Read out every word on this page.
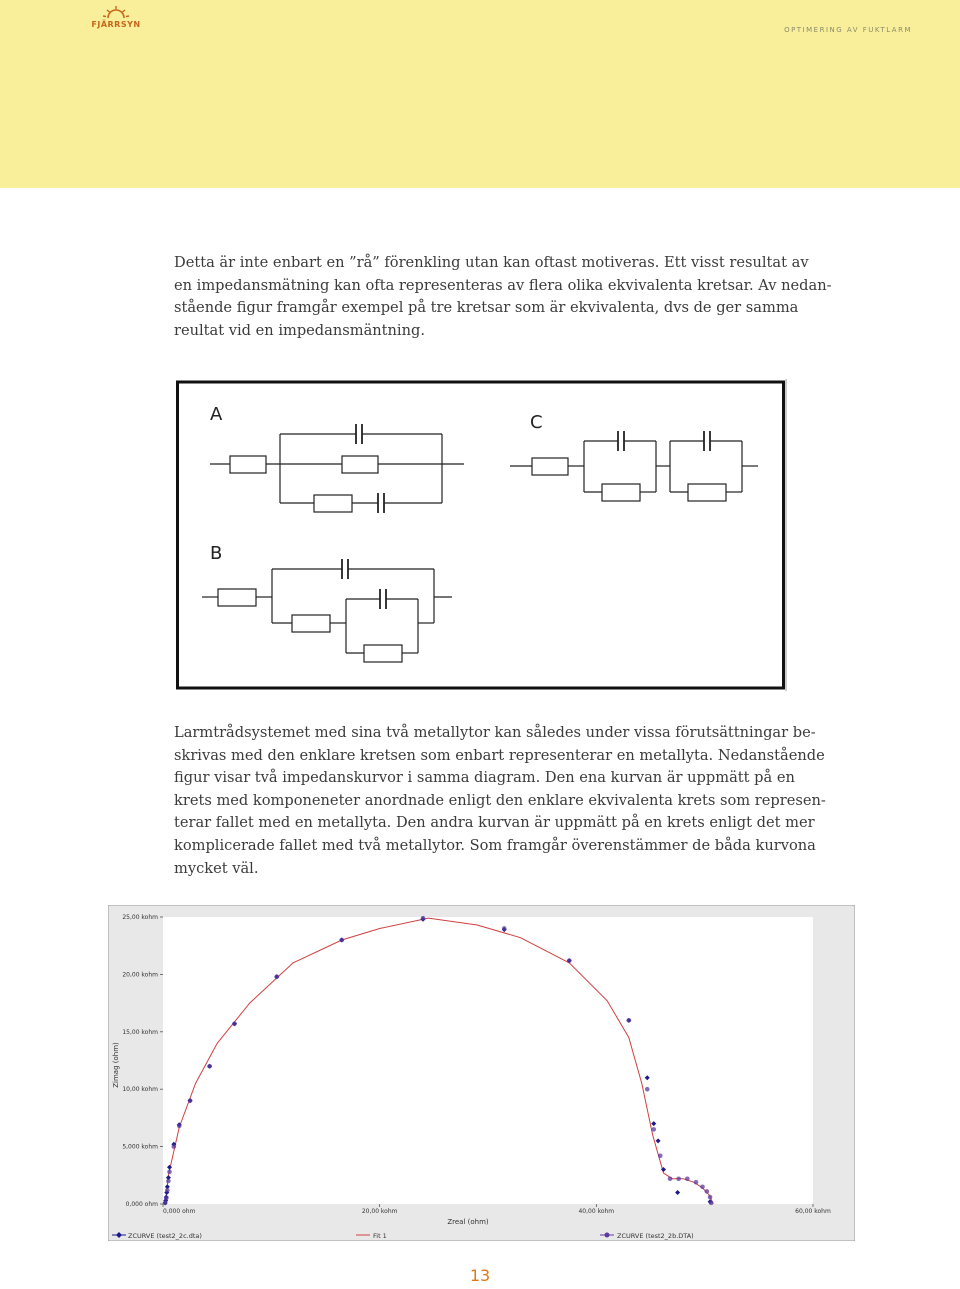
FJÄRRSYN
OPTIMERING AV FUKTLARM

Detta är inte enbart en ”rå” förenkling utan kan oftast motiveras. Ett visst resultat av
en impedansmätning kan ofta representeras av flera olika ekvivalenta kretsar. Av nedan-
stående figur framgår exempel på tre kretsar som är ekvivalenta, dvs de ger samma
reultat vid en impedansmäntning.

A	C
B

Larmtrådsystemet med sina två metallytor kan således under vissa förutsättningar be-
skrivas med den enklare kretsen som enbart representerar en metallyta. Nedanstående
figur visar två impedanskurvor i samma diagram. Den ena kurvan är uppmätt på en
krets med komponeneter anordnade enligt den enklare ekvivalenta krets som represen-
terar fallet med en metallyta. Den andra kurvan är uppmätt på en krets enligt det mer
komplicerade fallet med två metallytor. Som framgår överenstämmer de båda kurvona
mycket väl.

0,000 ohm
5,000 kohm
10,00 kohm
15,00 kohm
20,00 kohm
25,00 kohm
0,000 ohm	20,00 kohm	40,00 kohm	60,00 kohm
Zreal (ohm)
Zimag (ohm)
ZCURVE (test2_2c.dta)	Fit 1	ZCURVE (test2_2b.DTA)
13
